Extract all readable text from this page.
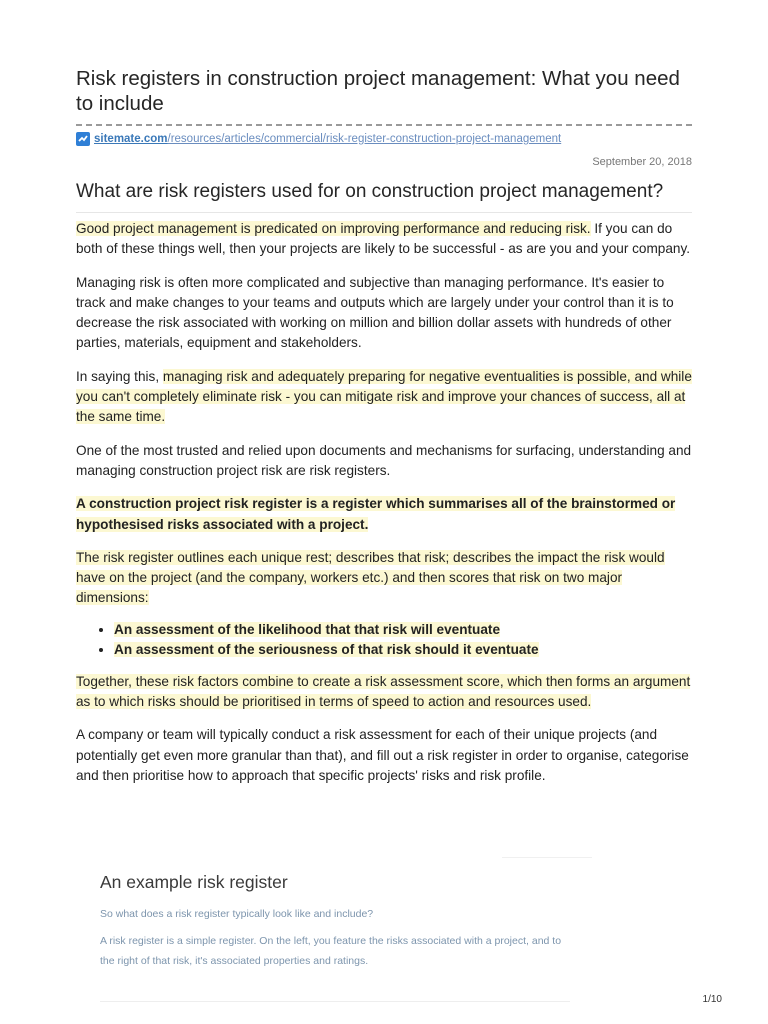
Risk registers in construction project management: What you need to include
sitemate.com /resources/articles/commercial/risk-register-construction-project-management
September 20, 2018
What are risk registers used for on construction project management?

Good project management is predicated on improving performance and reducing risk. If you can do both of these things well, then your projects are likely to be successful - as are you and your company.

Managing risk is often more complicated and subjective than managing performance. It's easier to track and make changes to your teams and outputs which are largely under your control than it is to decrease the risk associated with working on million and billion dollar assets with hundreds of other parties, materials, equipment and stakeholders.

In saying this, managing risk and adequately preparing for negative eventualities is possible, and while you can't completely eliminate risk - you can mitigate risk and improve your chances of success, all at the same time.

One of the most trusted and relied upon documents and mechanisms for surfacing, understanding and managing construction project risk are risk registers.

A construction project risk register is a register which summarises all of the brainstormed or hypothesised risks associated with a project.

The risk register outlines each unique rest; describes that risk; describes the impact the risk would have on the project (and the company, workers etc.) and then scores that risk on two major dimensions:

• An assessment of the likelihood that that risk will eventuate
• An assessment of the seriousness of that risk should it eventuate

Together, these risk factors combine to create a risk assessment score, which then forms an argument as to which risks should be prioritised in terms of speed to action and resources used.

A company or team will typically conduct a risk assessment for each of their unique projects (and potentially get even more granular than that), and fill out a risk register in order to organise, categorise and then prioritise how to approach that specific projects' risks and risk profile.

An example risk register
So what does a risk register typically look like and include?
A risk register is a simple register. On the left, you feature the risks associated with a project, and to the right of that risk, it's associated properties and ratings.
1/10
